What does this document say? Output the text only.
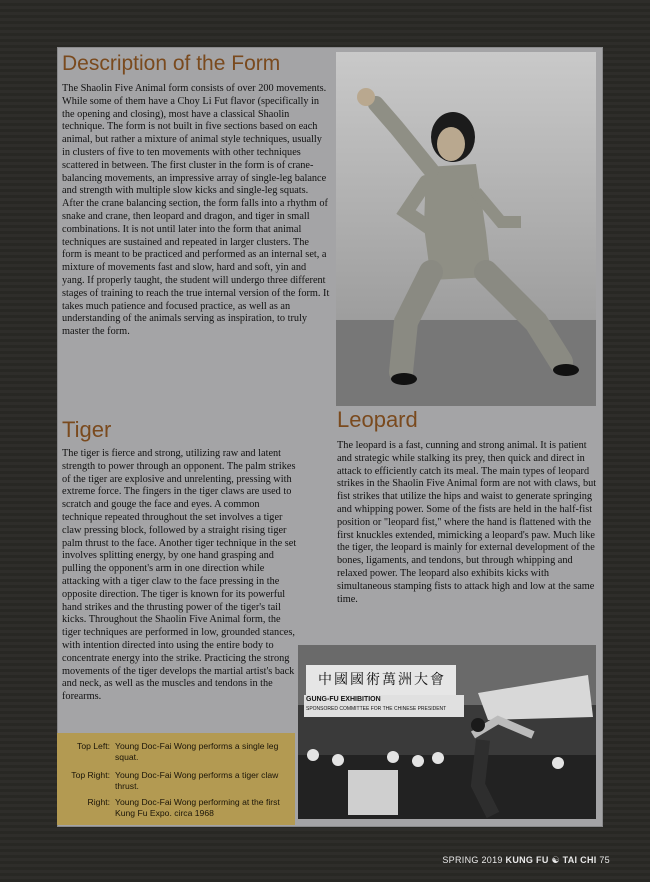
Description of the Form

The Shaolin Five Animal form consists of over 200 movements. While some of them have a Choy Li Fut flavor (specifically in the opening and closing), most have a classical Shaolin technique. The form is not built in five sections based on each animal, but rather a mixture of animal style techniques, usually in clusters of five to ten movements with other techniques scattered in between. The first cluster in the form is of crane-balancing movements, an impressive array of single-leg balance and strength with multiple slow kicks and single-leg squats. After the crane balancing section, the form falls into a rhythm of snake and crane, then leopard and dragon, and tiger in small combinations. It is not until later into the form that animal techniques are sustained and repeated in larger clusters. The form is meant to be practiced and performed as an internal set, a mixture of movements fast and slow, hard and soft, yin and yang. If properly taught, the student will undergo three different stages of training to reach the true internal version of the form. It takes much patience and focused practice, as well as an understanding of the animals serving as inspiration, to truly master the form.

Tiger

The tiger is fierce and strong, utilizing raw and latent strength to power through an opponent. The palm strikes of the tiger are explosive and unrelenting, pressing with extreme force. The fingers in the tiger claws are used to scratch and gouge the face and eyes. A common technique repeated throughout the set involves a tiger claw pressing block, followed by a straight rising tiger palm thrust to the face. Another tiger technique in the set involves splitting energy, by one hand grasping and pulling the opponent's arm in one direction while attacking with a tiger claw to the face pressing in the opposite direction. The tiger is known for its powerful hand strikes and the thrusting power of the tiger's tail kicks. Throughout the Shaolin Five Animal form, the tiger techniques are performed in low, grounded stances, with intention directed into using the entire body to concentrate energy into the strike. Practicing the strong movements of the tiger develops the martial artist's back and neck, as well as the muscles and tendons in the forearms.

Leopard

The leopard is a fast, cunning and strong animal. It is patient and strategic while stalking its prey, then quick and direct in attack to efficiently catch its meal. The main types of leopard strikes in the Shaolin Five Animal form are not with claws, but fist strikes that utilize the hips and waist to generate springing and whipping power. Some of the fists are held in the half-fist position or "leopard fist," where the hand is flattened with the first knuckles extended, mimicking a leopard's paw. Much like the tiger, the leopard is mainly for external development of the bones, ligaments, and tendons, but through whipping and relaxed power. The leopard also exhibits kicks with simultaneous stamping fists to attack high and low at the same time.

中國國術萬洲大會
GUNG-FU EXHIBITION
SPONSORED COMMITTEE FOR THE CHINESE PRESIDENT
Top Left: Young Doc-Fai Wong performs a single leg squat.
Top Right: Young Doc-Fai Wong performs a tiger claw thrust.
Right: Young Doc-Fai Wong performing at the first Kung Fu Expo. circa 1968
SPRING 2019 KUNG FU ☯ TAI CHI 75
